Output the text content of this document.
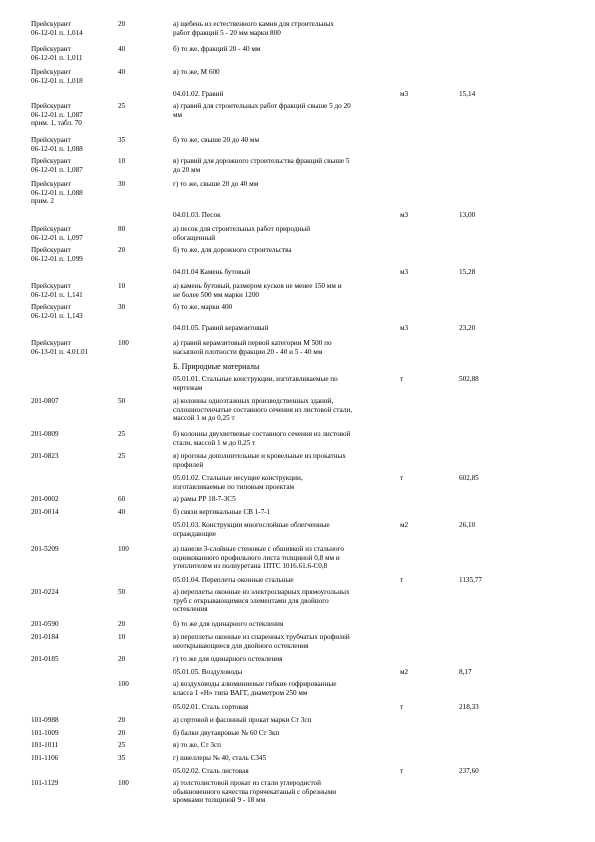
Прейскурант
06-12-01 п. 1,014
20	а) щебень из естественного камня для строительных
работ фракций 5 - 20 мм марки 800
Прейскурант
06-12-01 п. 1,011
40	б) то же, фракций 20 - 40 мм
Прейскурант
06-12-01 п. 1,018
40	в) то же, М 600
04.01.02. Гравий	м3	15,14
Прейскурант
06-12-01 п. 1,087
прим. 1, табл. 70
25	а) гравий для строительных работ фракций свыше 5 до 20
мм
Прейскурант
06-12-01 п. 1,088
35	б) то же, свыше 20 до 40 мм
Прейскурант
06-12-01 п. 1,087
10	в) гравий для дорожного строительства фракций свыше 5
до 20 мм
Прейскурант
06-12-01 п. 1,088
прим. 2
30	г) то же, свыше 20 до 40 мм
04.01.03. Песок	м3	13,00
Прейскурант
06-12-01 п. 1,097
80	а) песок для строительных работ природный
обогащенный
Прейскурант
06-12-01 п. 1,099
20	б) то же, для дорожного строительства
04.01.04 Камень бутовый	м3	15,28
Прейскурант
06-12-01 п. 1,141
10	а) камень бутовый, размером кусков не менее 150 мм и
не более 500 мм марки 1200
Прейскурант
06-12-01 п. 1,143
30	б) то же, марки 400
04.01.05. Гравий керамзитовый	м3	23,20
Прейскурант
06-13-01 п. 4.01.01
100	а) гравий керамзитовый первой категории М 500 по
насыпной плотности фракции 20 - 40 и 5 - 40 мм
05.01.01. Стальные конструкции, изготавливаемые по
чертежам
т	502,88
201-0807	50	а) колонны одноэтажных производственных зданий,
сплошностенчатые составного сечения из листовой стали,
массой 1 м до 0,25 т
201-0809	25	б) колонны двухветвевые составного сечения из листовой
стали, массой 1 м до 0,25 т
201-0823	25	в) прогоны дополнительные и кровельные из прокатных
профилей
05.01.02. Стальные несущие конструкции,
изготавливаемые по типовым проектам
т	602,85
201-0002	60	а) рамы РР 18-7-3С5
201-0014	40	б) связи вертикальные СВ 1-7-1
05.01.03. Конструкции многослойные облегченные
ограждающие
м2	26,10
201-5209	100	а) панели 3-слойные стеновые с обшивкой из стального
оцинкованного профильного листа толщиной 0,8 мм и
утеплителем из полиуретана 1ПТС 1016.61.6-С0,8
05.01.04. Переплеты оконные стальные	т	1135,77
201-0224	50	а) переплеты оконные из электросварных прямоугольных
труб с открывающимися элементами для двойного
остекления
201-0590	20	б) то же для одинарного остекления
201-0184	10	в) переплеты оконные из спаренных трубчатых профилей
неоткрывающиеся для двойного остекления
201-0185	20	г) то же для одинарного остекления
05.01.05. Воздуховоды	м2	8,17
100	а) воздуховоды алюминиевые гибкие гофрированные
класса 1 «Н» типа ВАГГ, диаметром 250 мм
05.02.01. Сталь сортовая	т	218,33
101-0988	20	а) сортовой и фасонный прокат марки Ст 3сп
101-1009	20	б) балки двутавровые № 60 Ст 3кп
101-1011	25	в) то же, Ст 3сп
101-1106	35	г) швеллеры № 40, сталь С345
05.02.02. Сталь листовая	т	237,60
101-1129	100	а) толстолистовой прокат из стали углеродистой
обыкновенного качества горячекатаный с обрезными
кромками толщиной 9 - 18 мм
Б. Природные материалы
